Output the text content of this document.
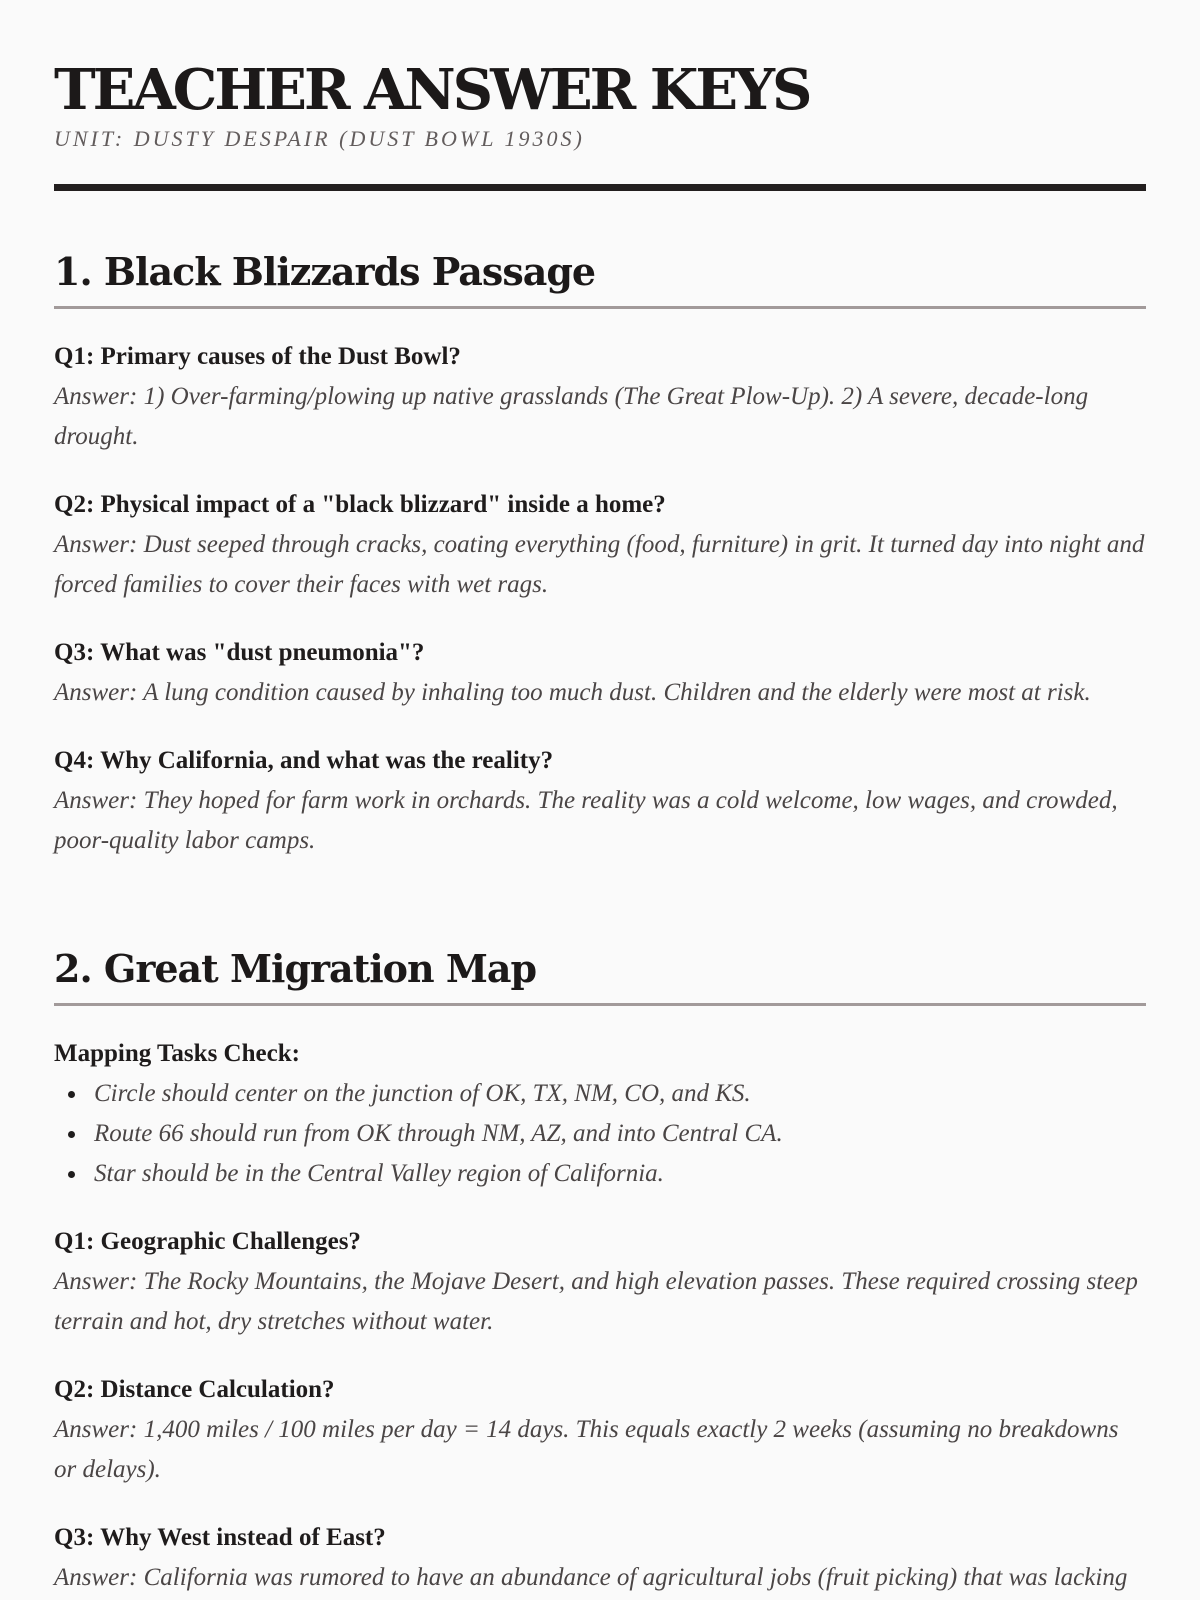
TEACHER ANSWER KEYS

UNIT: DUSTY DESPAIR (DUST BOWL 1930S)

1. Black Blizzards Passage
Q1: Primary causes of the Dust Bowl?
Answer: 1) Over-farming/plowing up native grasslands (The Great Plow-Up). 2) A severe, decade-long drought.
Q2: Physical impact of a "black blizzard" inside a home?
Answer: Dust seeped through cracks, coating everything (food, furniture) in grit. It turned day into night and forced families to cover their faces with wet rags.
Q3: What was "dust pneumonia"?
Answer: A lung condition caused by inhaling too much dust. Children and the elderly were most at risk.
Q4: Why California, and what was the reality?
Answer: They hoped for farm work in orchards. The reality was a cold welcome, low wages, and crowded, poor-quality labor camps.
2. Great Migration Map
Mapping Tasks Check:
Circle should center on the junction of OK, TX, NM, CO, and KS.
Route 66 should run from OK through NM, AZ, and into Central CA.
Star should be in the Central Valley region of California.
Q1: Geographic Challenges?
Answer: The Rocky Mountains, the Mojave Desert, and high elevation passes. These required crossing steep terrain and hot, dry stretches without water.
Q2: Distance Calculation?
Answer: 1,400 miles / 100 miles per day = 14 days. This equals exactly 2 weeks (assuming no breakdowns or delays).
Q3: Why West instead of East?
Answer: California was rumored to have an abundance of agricultural jobs (fruit picking) that was lacking
